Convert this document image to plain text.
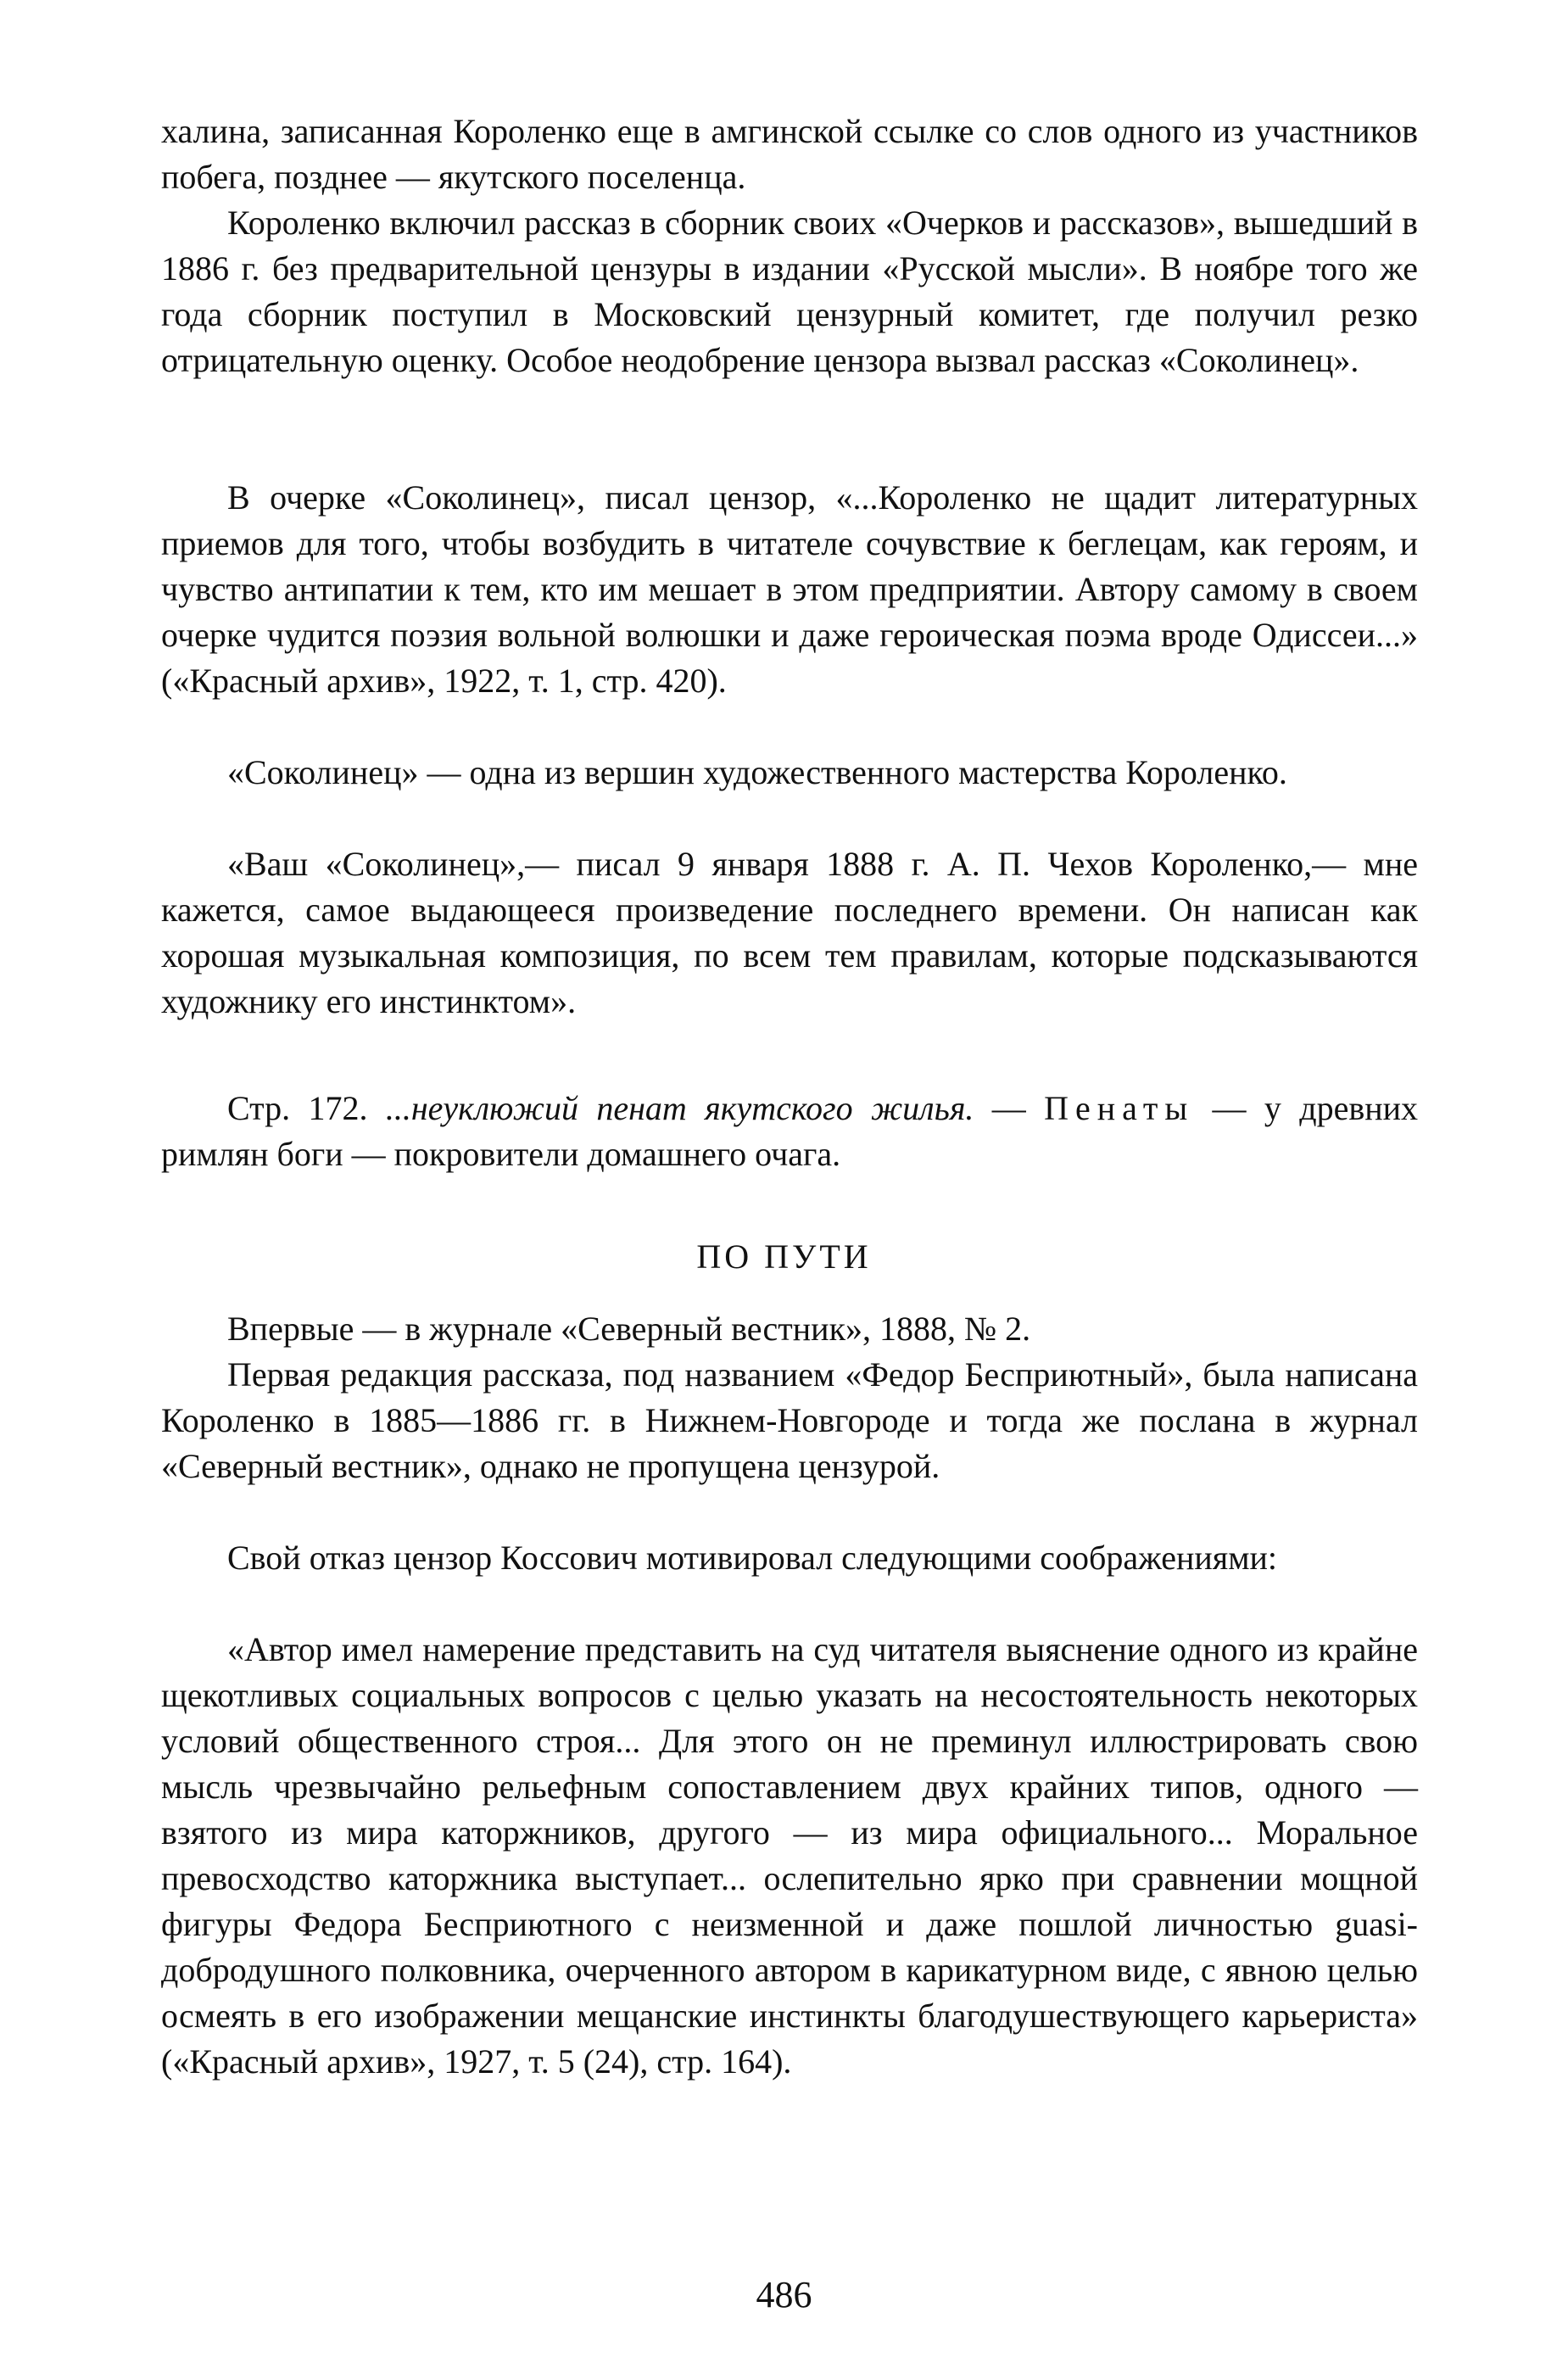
халина, записанная Короленко еще в амгинской ссылке со слов одного из участников побега, позднее — якутского поселенца.

Короленко включил рассказ в сборник своих «Очерков и рассказов», вышедший в 1886 г. без предварительной цензуры в издании «Русской мысли». В ноябре того же года сборник поступил в Московский цензурный комитет, где получил резко отрицательную оценку. Особое неодобрение цензора вызвал рассказ «Соколинец».

В очерке «Соколинец», писал цензор, «...Короленко не щадит литературных приемов для того, чтобы возбудить в читателе сочувствие к беглецам, как героям, и чувство антипатии к тем, кто им мешает в этом предприятии. Автору самому в своем очерке чудится поэзия вольной волюшки и даже героическая поэма вроде Одиссеи...» («Красный архив», 1922, т. 1, стр. 420).

«Соколинец» — одна из вершин художественного мастерства Короленко.

«Ваш «Соколинец»,— писал 9 января 1888 г. А. П. Чехов Короленко,— мне кажется, самое выдающееся произведение последнего времени. Он написан как хорошая музыкальная композиция, по всем тем правилам, которые подсказываются художнику его инстинктом».

Стр. 172. ...неуклюжий пенат якутского жилья. — Пенаты — у древних римлян боги — покровители домашнего очага.

ПО ПУТИ

Впервые — в журнале «Северный вестник», 1888, № 2.

Первая редакция рассказа, под названием «Федор Бесприютный», была написана Короленко в 1885—1886 гг. в Нижнем-Новгороде и тогда же послана в журнал «Северный вестник», однако не пропущена цензурой.

Свой отказ цензор Коссович мотивировал следующими соображениями:

«Автор имел намерение представить на суд читателя выяснение одного из крайне щекотливых социальных вопросов с целью указать на несостоятельность некоторых условий общественного строя... Для этого он не преминул иллюстрировать свою мысль чрезвычайно рельефным сопоставлением двух крайних типов, одного — взятого из мира каторжников, другого — из мира официального... Моральное превосходство каторжника выступает... ослепительно ярко при сравнении мощной фигуры Федора Бесприютного с неизменной и даже пошлой личностью guasi-добродушного полковника, очерченного автором в карикатурном виде, с явною целью осмеять в его изображении мещанские инстинкты благодушествующего карьериста» («Красный архив», 1927, т. 5 (24), стр. 164).

486
